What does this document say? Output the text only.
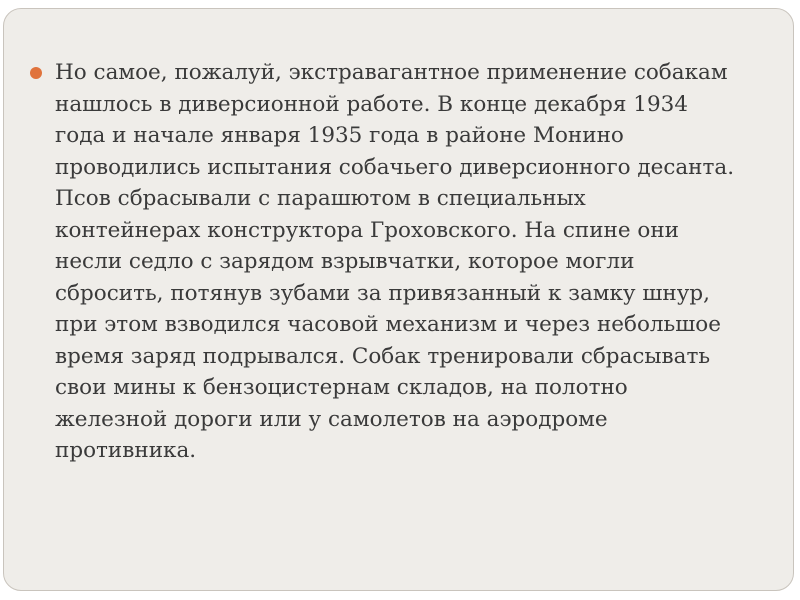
Но самое, пожалуй, экстравагантное применение собакам
нашлось в диверсионной работе. В конце декабря 1934
года и начале января 1935 года в районе Монино
проводились испытания собачьего диверсионного десанта.
Псов сбрасывали с парашютом в специальных
контейнерах конструктора Гроховского. На спине они
несли седло с зарядом взрывчатки, которое могли
сбросить, потянув зубами за привязанный к замку шнур,
при этом взводился часовой механизм и через небольшое
время заряд подрывался. Собак тренировали сбрасывать
свои мины к бензоцистернам складов, на полотно
железной дороги или у самолетов на аэродроме
противника.
